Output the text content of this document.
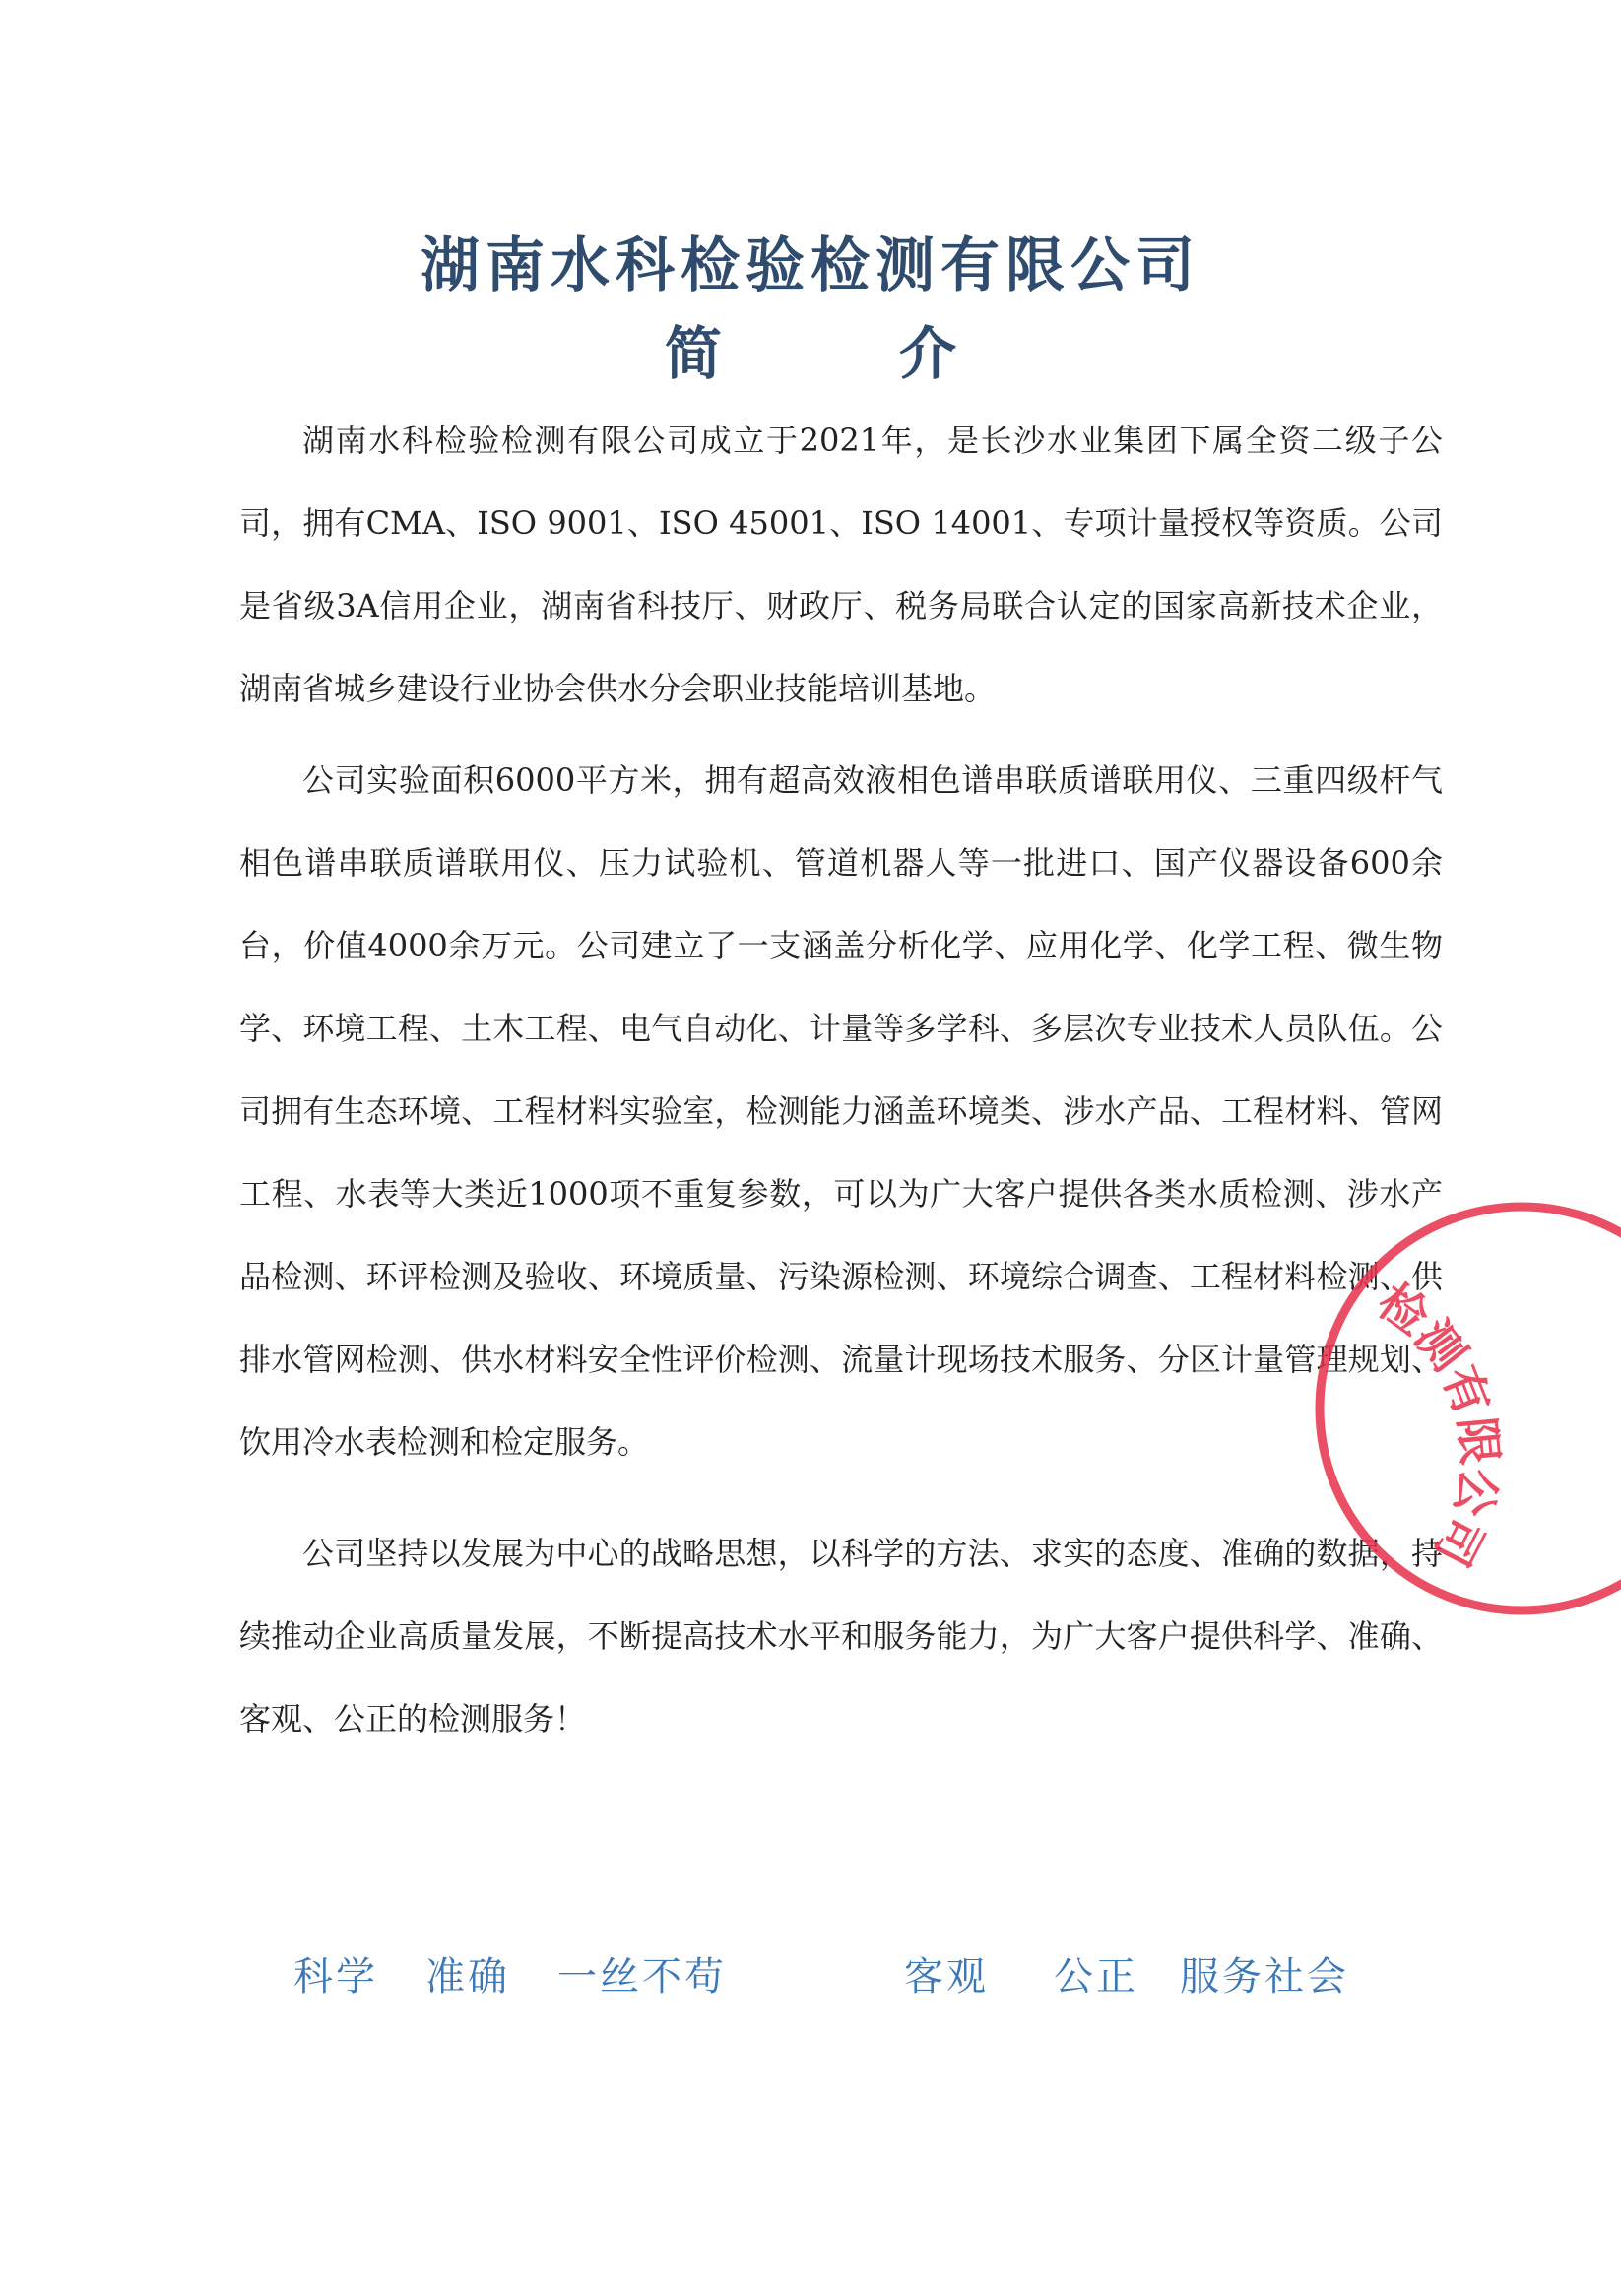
湖南水科检验检测有限公司
简 介

湖南水科检验检测有限公司成立于2021年，是长沙水业集团下属全资二级子公司，拥有CMA、ISO 9001、ISO 45001、ISO 14001、专项计量授权等资质。公司是省级3A信用企业，湖南省科技厅、财政厅、税务局联合认定的国家高新技术企业，湖南省城乡建设行业协会供水分会职业技能培训基地。

公司实验面积6000平方米，拥有超高效液相色谱串联质谱联用仪、三重四级杆气相色谱串联质谱联用仪、压力试验机、管道机器人等一批进口、国产仪器设备600余台，价值4000余万元。公司建立了一支涵盖分析化学、应用化学、化学工程、微生物学、环境工程、土木工程、电气自动化、计量等多学科、多层次专业技术人员队伍。公司拥有生态环境、工程材料实验室，检测能力涵盖环境类、涉水产品、工程材料、管网工程、水表等大类近1000项不重复参数，可以为广大客户提供各类水质检测、涉水产品检测、环评检测及验收、环境质量、污染源检测、环境综合调查、工程材料检测、供排水管网检测、供水材料安全性评价检测、流量计现场技术服务、分区计量管理规划、饮用冷水表检测和检定服务。

公司坚持以发展为中心的战略思想，以科学的方法、求实的态度、准确的数据，持续推动企业高质量发展，不断提高技术水平和服务能力，为广大客户提供科学、准确、客观、公正的检测服务！

科学 准确 一丝不苟	客观 公正 服务社会
检测有限公司
